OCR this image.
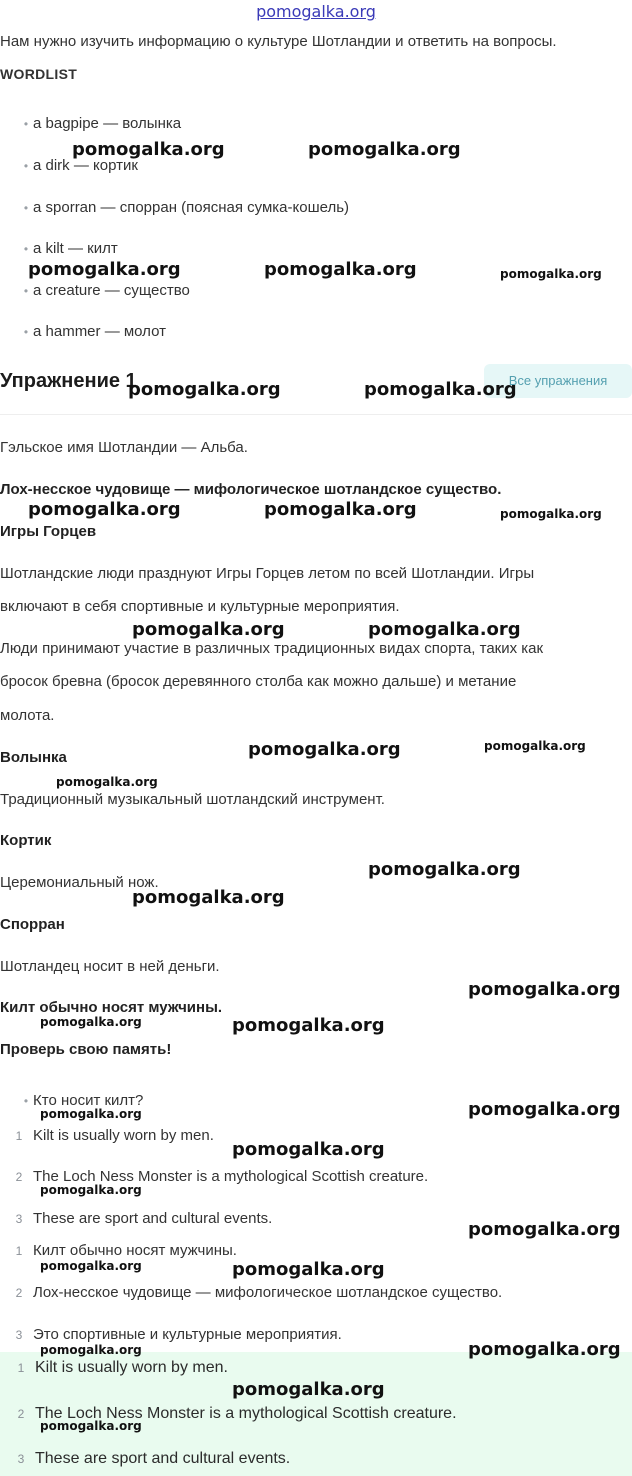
pomogalka.org
Нам нужно изучить информацию о культуре Шотландии и ответить на вопросы.
WORDLIST
• a bagpipe — волынка
• a dirk — кортик
• a sporran — спорран (поясная сумка-кошель)
• a kilt — килт
• a creature — существо
• a hammer — молот
Упражнение 1	Все упражнения
Гэльское имя Шотландии — Альба.
Лох-несское чудовище — мифологическое шотландское существо.
Игры Горцев
Шотландские люди празднуют Игры Горцев летом по всей Шотландии. Игры
включают в себя спортивные и культурные мероприятия.
Люди принимают участие в различных традиционных видах спорта, таких как
бросок бревна (бросок деревянного столба как можно дальше) и метание
молота.
Волынка
Традиционный музыкальный шотландский инструмент.
Кортик
Церемониальный нож.
Спорран
Шотландец носит в ней деньги.
Килт обычно носят мужчины.
Проверь свою память!
• Кто носит килт?
1 Kilt is usually worn by men.
2 The Loch Ness Monster is a mythological Scottish creature.
3 These are sport and cultural events.
1 Килт обычно носят мужчины.
2 Лох-несское чудовище — мифологическое шотландское существо.
3 Это спортивные и культурные мероприятия.
1 Kilt is usually worn by men.
2 The Loch Ness Monster is a mythological Scottish creature.
3 These are sport and cultural events.
pomogalka.org	pomogalka.org
pomogalka.org	pomogalka.org	pomogalka.org
pomogalka.org	pomogalka.org
pomogalka.org	pomogalka.org	pomogalka.org
pomogalka.org	pomogalka.org
pomogalka.org	pomogalka.org
pomogalka.org
pomogalka.org
pomogalka.org
pomogalka.org
pomogalka.org	pomogalka.org
pomogalka.org	pomogalka.org
pomogalka.org
pomogalka.org
pomogalka.org
pomogalka.org	pomogalka.org
pomogalka.org	pomogalka.org
pomogalka.org
pomogalka.org
